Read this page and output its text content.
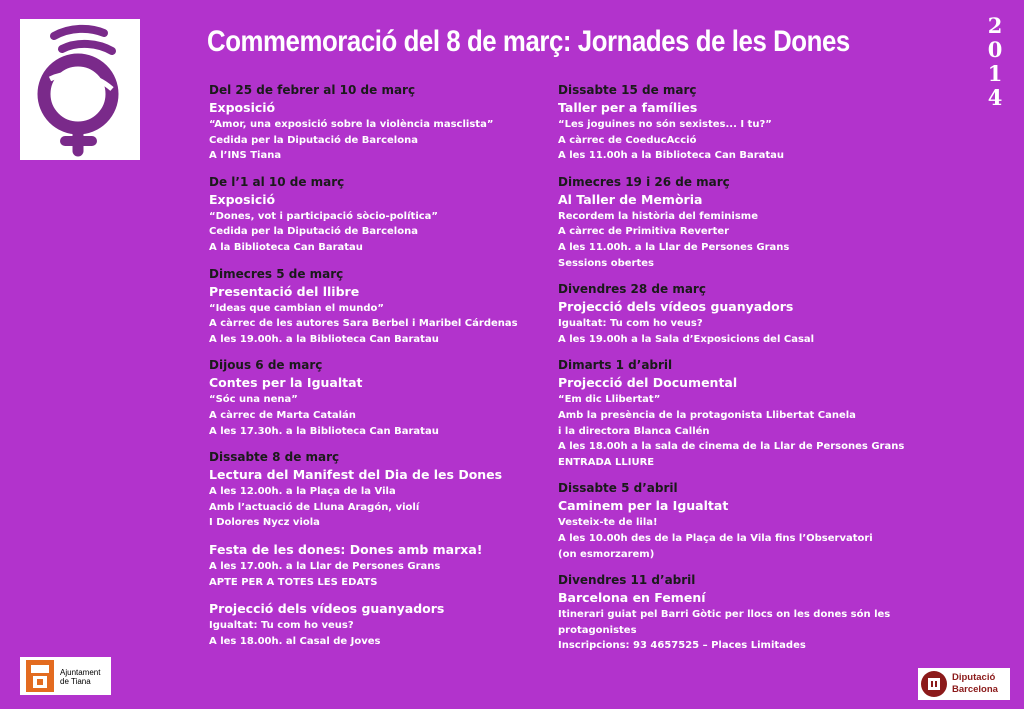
Commemoració del 8 de març: Jornades de les Dones	2
0
1
4
Del 25 de febrer al 10 de març
Exposició
“Amor, una exposició sobre la violència masclista”
Cedida per la Diputació de Barcelona
A l’INS Tiana
De l’1 al 10 de març
Exposició
“Dones, vot i participació sòcio-política”
Cedida per la Diputació de Barcelona
A la Biblioteca Can Baratau
Dimecres 5 de març
Presentació del llibre
“Ideas que cambian el mundo”
A càrrec de les autores Sara Berbel i Maribel Cárdenas
A les 19.00h. a la Biblioteca Can Baratau
Dijous 6 de març
Contes per la Igualtat
“Sóc una nena”
A càrrec de Marta Catalán
A les 17.30h. a la Biblioteca Can Baratau
Dissabte 8 de març
Lectura del Manifest del Dia de les Dones
A les 12.00h. a la Plaça de la Vila
Amb l’actuació de Lluna Aragón, violí
I Dolores Nycz viola
Festa de les dones: Dones amb marxa!
A les 17.00h. a la Llar de Persones Grans
APTE PER A TOTES LES EDATS
Projecció dels vídeos guanyadors
Igualtat: Tu com ho veus?
A les 18.00h. al Casal de Joves
Dissabte 15 de març
Taller per a famílies
“Les joguines no són sexistes... I tu?”
A càrrec de CoeducAcció
A les 11.00h a la Biblioteca Can Baratau
Dimecres 19 i 26 de març
Al Taller de Memòria
Recordem la història del feminisme
A càrrec de Primitiva Reverter
A les 11.00h. a la Llar de Persones Grans
Sessions obertes
Divendres 28 de març
Projecció dels vídeos guanyadors
Igualtat: Tu com ho veus?
A les 19.00h a la Sala d’Exposicions del Casal
Dimarts 1 d’abril
Projecció del Documental
“Em dic Llibertat”
Amb la presència de la protagonista Llibertat Canela
i la directora Blanca Callén
A les 18.00h a la sala de cinema de la Llar de Persones Grans
ENTRADA LLIURE
Dissabte 5 d’abril
Caminem per la Igualtat
Vesteix-te de lila!
A les 10.00h des de la Plaça de la Vila fins l’Observatori
(on esmorzarem)
Divendres 11 d’abril
Barcelona en Femení
Itinerari guiat pel Barri Gòtic per llocs on les dones són les
protagonistes
Inscripcions: 93 4657525 – Places Limitades
Ajuntament
de Tiana	Diputació
Barcelona
